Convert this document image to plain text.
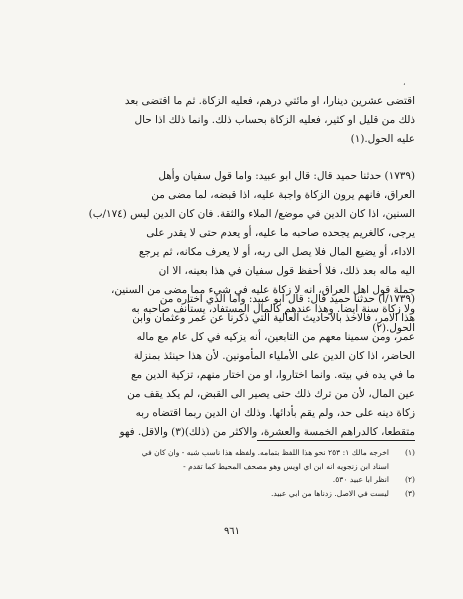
،
اقتضى عشرين دينارا، او مائتي درهم، فعليه الزكاة. ثم ما اقتضى بعد
ذلك من قليل او كثير، فعليه الزكاة بحساب ذلك. وانما ذلك اذا حال
عليه الحول.(١)
(١٧٣٩) حدثنا حميد قال: قال ابو عبيد: واما قول سفيان وأهل
العراق، فانهم يرون الزكاة واجبة عليه، اذا قبضه، لما مضى من
السنين، اذا كان الدين في موضع/ الملاء والثقة. فان كان الدين ليس (١٧٤/ب)
يرجى، كالغريم يجحده صاحبه ما عليه، أو يعدم حتى لا يقدر على
الاداء، أو يضيع المال فلا يصل الى ربه، أو لا يعرف مكانه، ثم يرجع
اليه ماله بعد ذلك، فلا أحفظ قول سفيان في هذا بعينه، الا ان
جملة قول اهل العراق، انه لا زكاة عليه في شيء مما مضى من السنين،
ولا زكاة سنة ايضا. وهذا عندهم كالمال المستفاد، يستأنف صاحبه به
الحول.(٢)
(١٧٣٩/أ) حدثنا حميد قال: قال ابو عبيد: واما الذي اختاره من
هذا الامر، فالاخذ بالاحاديث العالية التي ذكرنا عن عمر وعثمان وابن
عمر، ومن سمينا معهم من التابعين، أنه يزكيه في كل عام مع ماله
الحاضر، اذا كان الدين على الأملياء المأمونين. لأن هذا حينئذ بمنزلة
ما في يده في بيته. وانما اختاروا، او من اختار منهم، تزكية الدين مع
عين المال، لأن من ترك ذلك حتى يصير الى القبض، لم يكد يقف من
زكاة دينه على حد، ولم يقم بأدائها. وذلك ان الدين ربما اقتضاه ربه
متقطعا، كالدراهم الخمسة والعشرة، والاكثر من (ذلك)(٣) والاقل. فهو
(١)
اخرجه مالك ١: ٢٥٣ نحو هذا اللفظ بتمامه. ولفظه هذا ناسب شبه - وان كان في
اسناد ابن زنجويه انه ابن اي اويس وهو مصحف المحيط كما تقدم -
(٢)
انظر ابا عبيد ٥٣٠.
(٣)
ليست في الاصل. زدناها من ابي عبيد.
٩٦١
